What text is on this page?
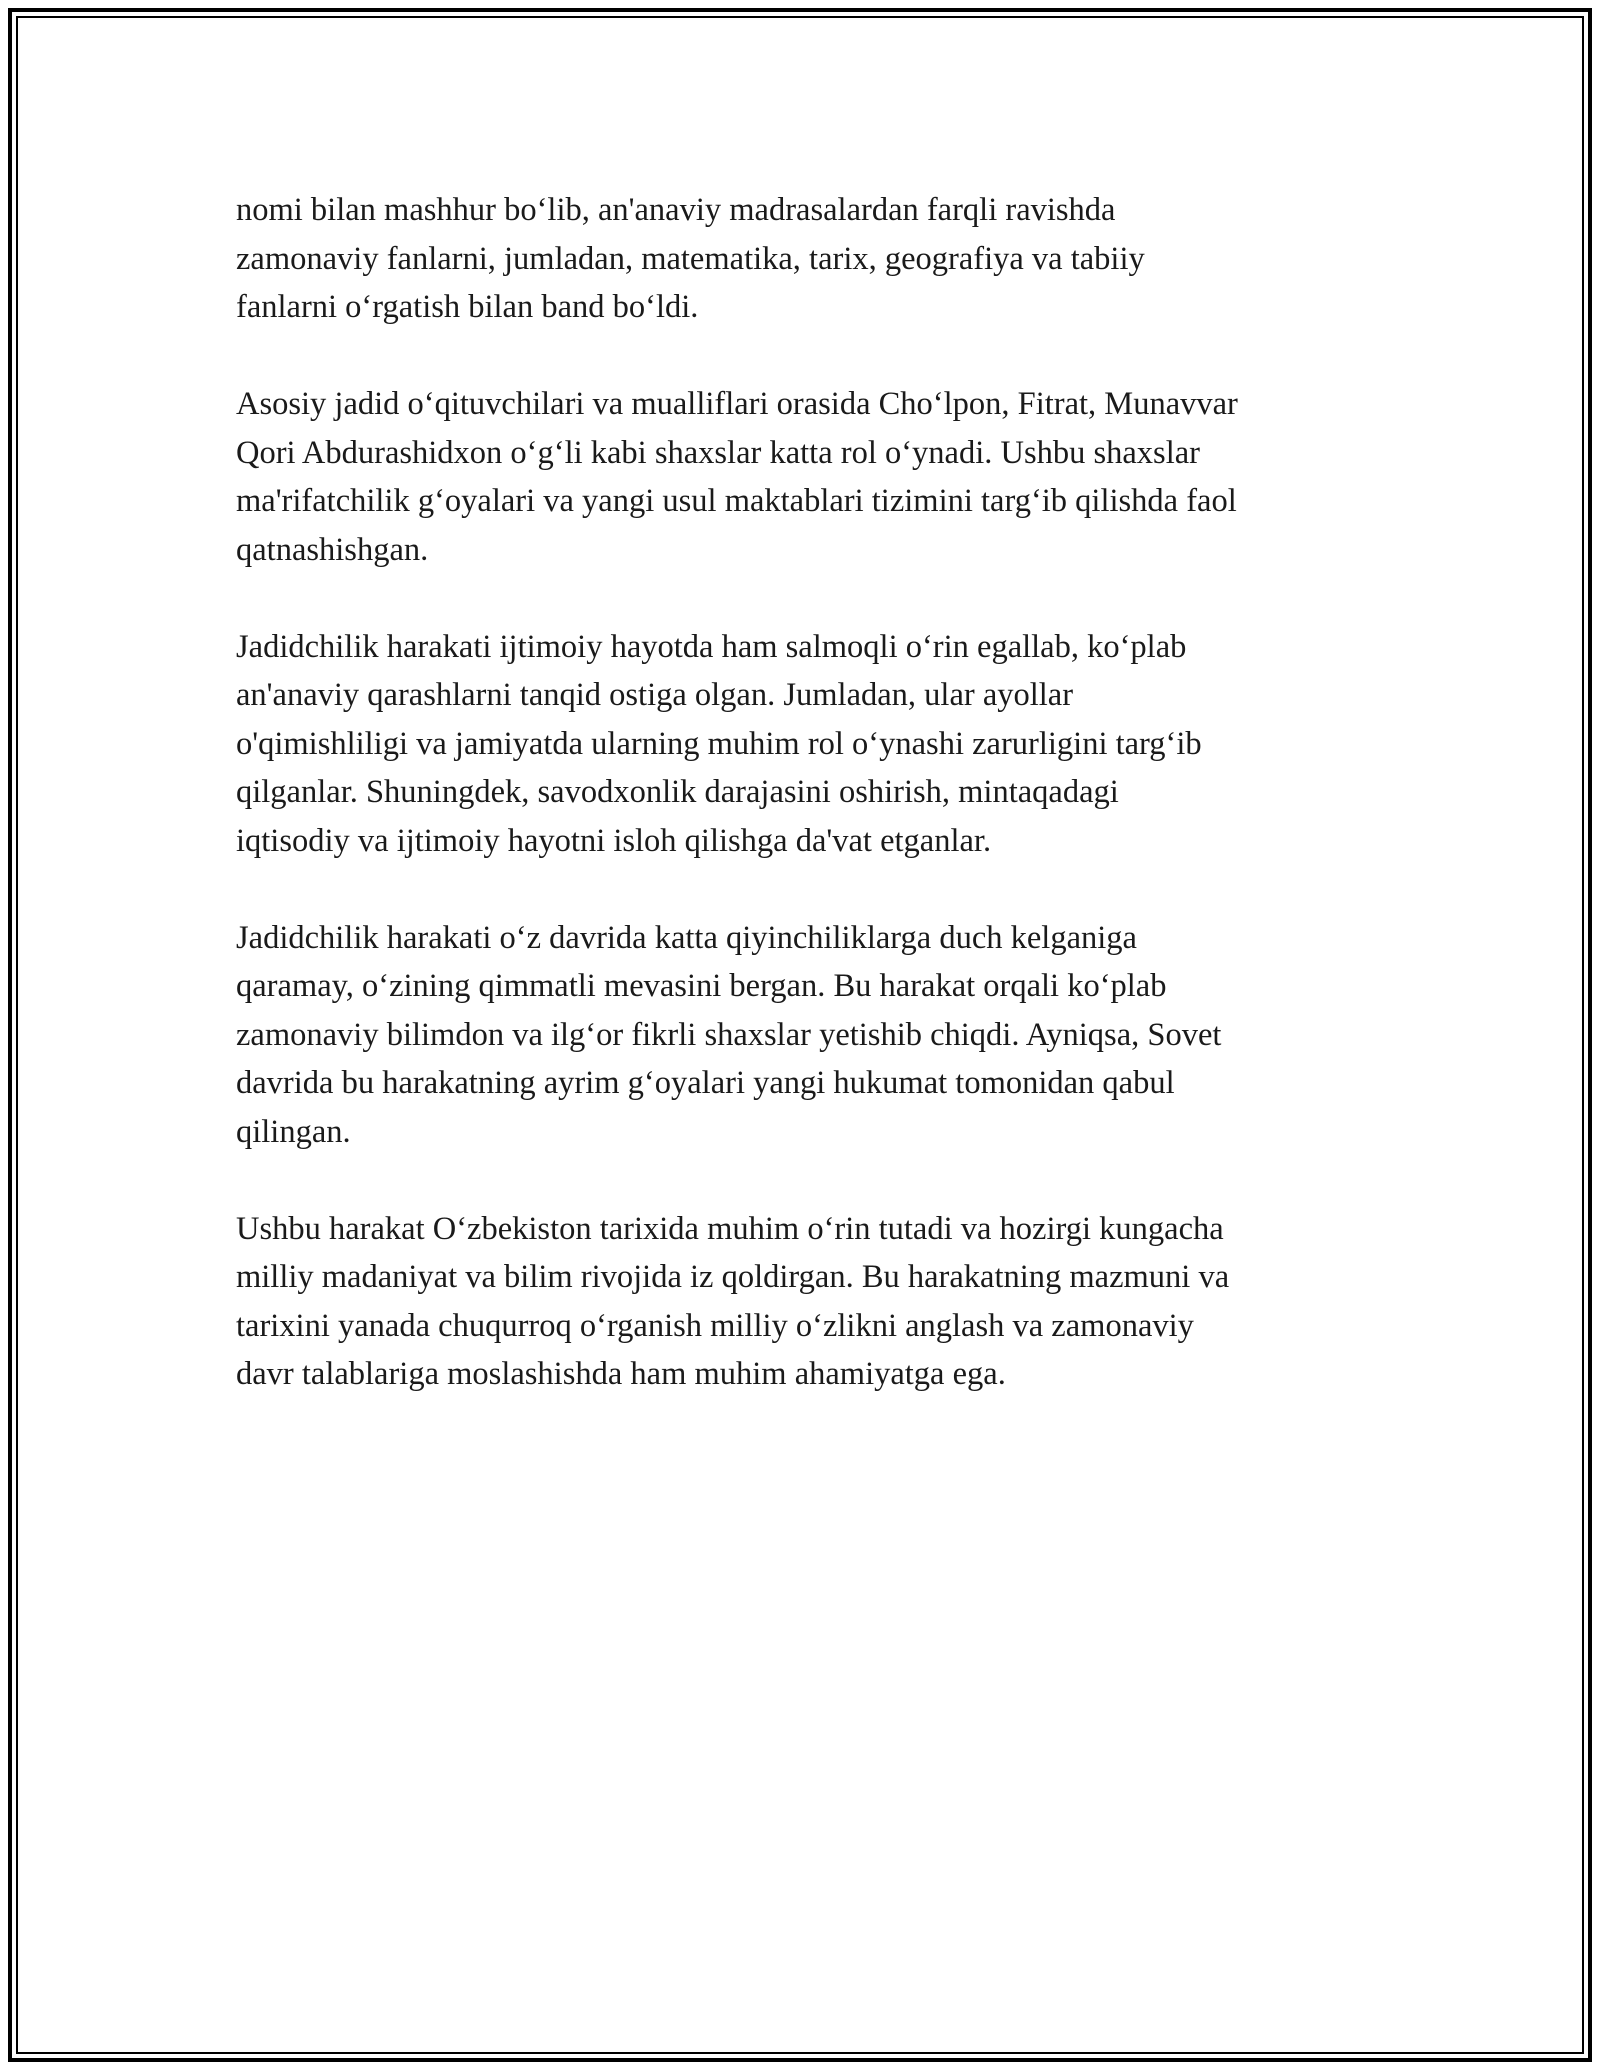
nomi bilan mashhur bo‘lib, an'anaviy madrasalardan farqli ravishda
zamonaviy fanlarni, jumladan, matematika, tarix, geografiya va tabiiy
fanlarni o‘rgatish bilan band bo‘ldi.

Asosiy jadid o‘qituvchilari va mualliflari orasida Cho‘lpon, Fitrat, Munavvar
Qori Abdurashidxon o‘g‘li kabi shaxslar katta rol o‘ynadi. Ushbu shaxslar
ma'rifatchilik g‘oyalari va yangi usul maktablari tizimini targ‘ib qilishda faol
qatnashishgan.

Jadidchilik harakati ijtimoiy hayotda ham salmoqli o‘rin egallab, ko‘plab
an'anaviy qarashlarni tanqid ostiga olgan. Jumladan, ular ayollar
o'qimishliligi va jamiyatda ularning muhim rol o‘ynashi zarurligini targ‘ib
qilganlar. Shuningdek, savodxonlik darajasini oshirish, mintaqadagi
iqtisodiy va ijtimoiy hayotni isloh qilishga da'vat etganlar.

Jadidchilik harakati o‘z davrida katta qiyinchiliklarga duch kelganiga
qaramay, o‘zining qimmatli mevasini bergan. Bu harakat orqali ko‘plab
zamonaviy bilimdon va ilg‘or fikrli shaxslar yetishib chiqdi. Ayniqsa, Sovet
davrida bu harakatning ayrim g‘oyalari yangi hukumat tomonidan qabul
qilingan.

Ushbu harakat O‘zbekiston tarixida muhim o‘rin tutadi va hozirgi kungacha
milliy madaniyat va bilim rivojida iz qoldirgan. Bu harakatning mazmuni va
tarixini yanada chuqurroq o‘rganish milliy o‘zlikni anglash va zamonaviy
davr talablariga moslashishda ham muhim ahamiyatga ega.
